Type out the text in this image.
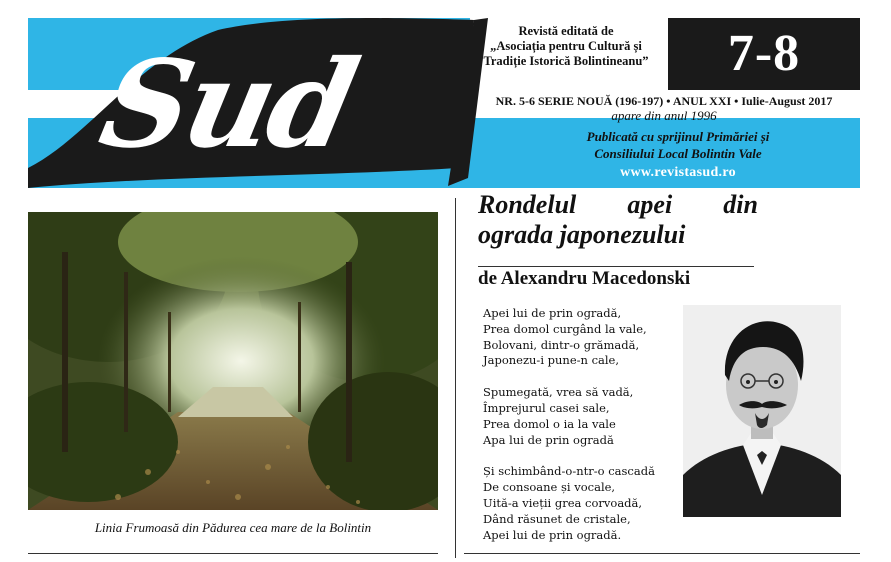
Sud
Revistă editată de
„Asociația pentru Cultură și
Tradiție Istorică Bolintineanu”	7-8
NR. 5-6 SERIE NOUĂ (196-197) • ANUL XXI • Iulie-August 2017
apare din anul 1996
Publicată cu sprijinul Primăriei și
Consiliului Local Bolintin Vale
www.revistasud.ro
Linia Frumoasă din Pădurea cea mare de la Bolintin
Rondelul apei din
ograda japonezului
de Alexandru Macedonski
Apei lui de prin ogradă,
Prea domol curgând la vale,
Bolovani, dintr-o grămadă,
Japonezu-i pune-n cale,
Spumegată, vrea să vadă,
Împrejurul casei sale,
Prea domol o ia la vale
Apa lui de prin ogradă
Și schimbând-o-ntr-o cascadă
De consoane și vocale,
Uită-a vieții grea corvoadă,
Dând răsunet de cristale,
Apei lui de prin ogradă.
